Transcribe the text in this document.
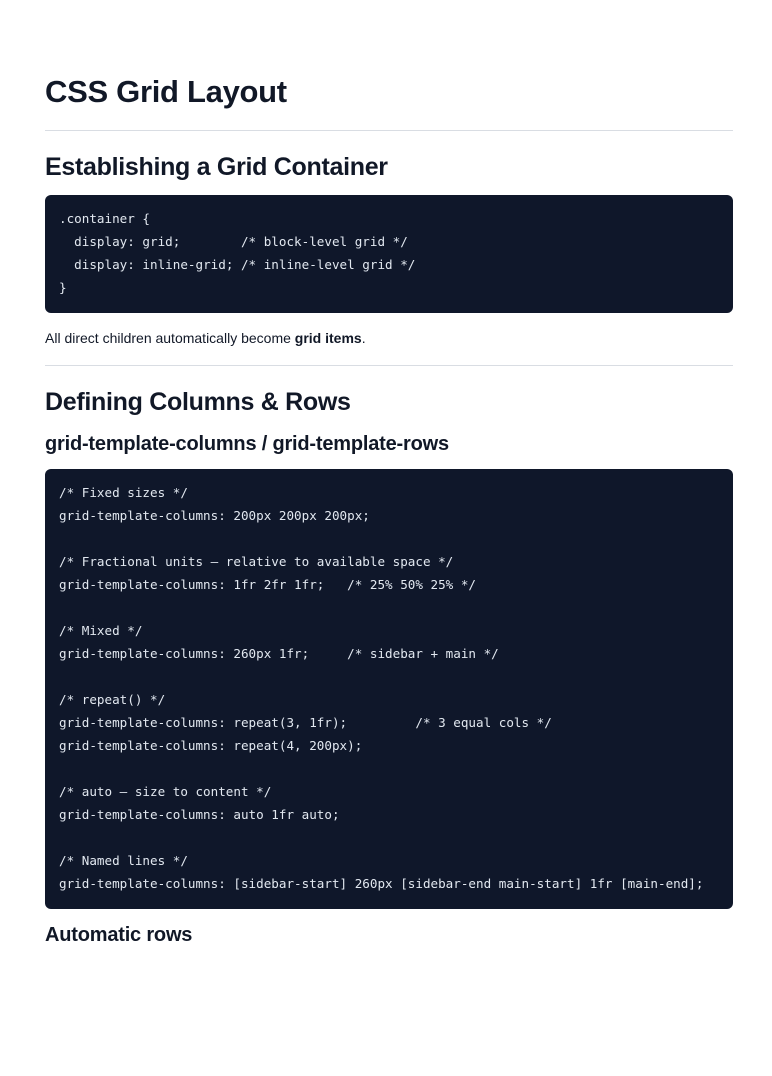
CSS Grid Layout
Establishing a Grid Container
.container {
display: grid;        /* block-level grid */
display: inline-grid; /* inline-level grid */
}

All direct children automatically become grid items.

Defining Columns & Rows
grid-template-columns / grid-template-rows
/* Fixed sizes */
grid-template-columns: 200px 200px 200px;

/* Fractional units — relative to available space */
grid-template-columns: 1fr 2fr 1fr;   /* 25% 50% 25% */

/* Mixed */
grid-template-columns: 260px 1fr;     /* sidebar + main */

/* repeat() */
grid-template-columns: repeat(3, 1fr);         /* 3 equal cols */
grid-template-columns: repeat(4, 200px);

/* auto — size to content */
grid-template-columns: auto 1fr auto;

/* Named lines */
grid-template-columns: [sidebar-start] 260px [sidebar-end main-start] 1fr [main-end];
Automatic rows
